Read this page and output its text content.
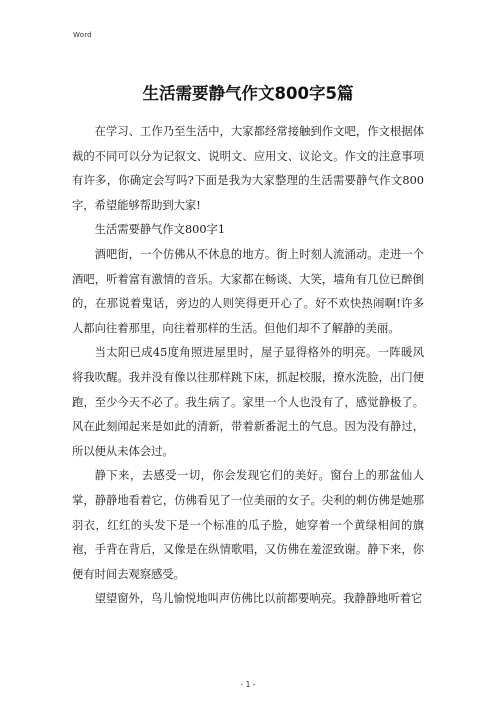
Word
生活需要静气作文800字5篇

在学习、工作乃至生活中，大家都经常接触到作文吧，作文根据体裁的不同可以分为记叙文、说明文、应用文、议论文。作文的注意事项有许多，你确定会写吗?下面是我为大家整理的生活需要静气作文800字，希望能够帮助到大家!

生活需要静气作文800字1

酒吧街，一个仿佛从不休息的地方。街上时刻人流涌动。走进一个酒吧，听着富有激情的音乐。大家都在畅谈、大笑，墙角有几位已醉倒的，在那说着鬼话，旁边的人则笑得更开心了。好不欢快热闹啊!许多人都向往着那里，向往着那样的生活。但他们却不了解静的美丽。

当太阳已成45度角照进屋里时，屋子显得格外的明亮。一阵暖风将我吹醒。我并没有像以往那样跳下床，抓起校服，撩水洗脸，出门便跑，至少今天不必了。我生病了。家里一个人也没有了，感觉静极了。风在此刻闻起来是如此的清新，带着新番泥土的气息。因为没有静过，所以便从未体会过。

静下来，去感受一切，你会发现它们的美好。窗台上的那盆仙人掌，静静地看着它，仿佛看见了一位美丽的女子。尖利的刺仿佛是她那羽衣，红红的头发下是一个标准的瓜子脸，她穿着一个黄绿相间的旗袍，手背在背后，又像是在纵情歌唱，又仿佛在羞涩致谢。静下来，你便有时间去观察感受。

望望窗外，鸟儿愉悦地叫声仿佛比以前都要响亮。我静静地听着它

- 1 -
